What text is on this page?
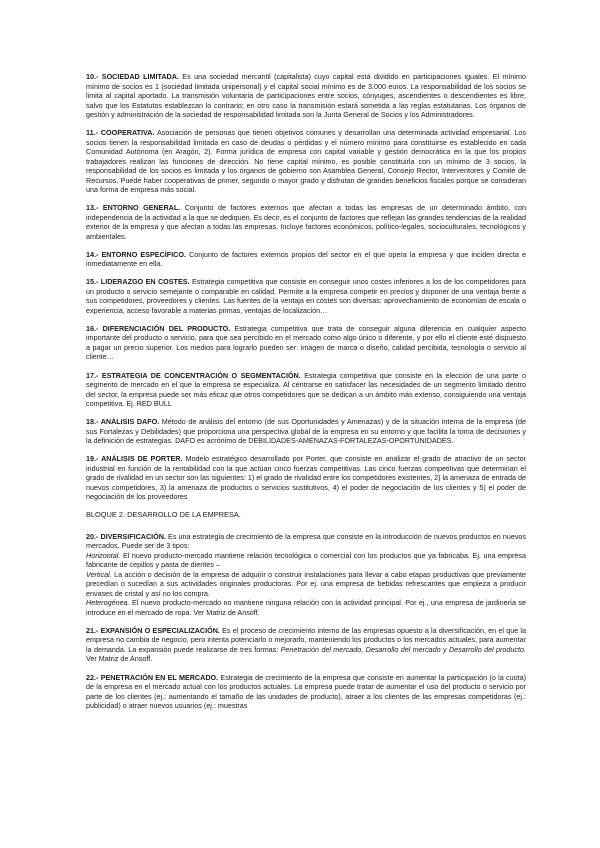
10.- SOCIEDAD LIMITADA. Es una sociedad mercantil (capitalista) cuyo capital está dividido en participaciones iguales. El mínimo mínimo de socios es 1 (sociedad limitada unipersonal) y el capital social mínimo es de 3.000 euros. La responsabilidad de los socios se limita al capital aportado. La transmisión voluntaria de participaciones entre socios, cónyuges, ascendientes o descendientes es libre, salvo que los Estatutos establezcan lo contrario; en otro caso la transmisión estará sometida a las reglas estatutarias. Los órganos de gestión y administración de la sociedad de responsabilidad limitada son la Junta General de Socios y los Administradores.

11.- COOPERATIVA. Asociación de personas que tienen objetivos comunes y desarrollan una determinada actividad empresarial. Los socios tienen la responsabilidad limitada en caso de deudas o pérdidas y el número mínimo para constituirse es establecido en cada Comunidad Autónoma (en Aragón, 2). Forma jurídica de empresa con capital variable y gestión democrática en la que los propios trabajadores realizan las funciones de dirección. No tiene capital mínimo, es posible constituirla con un mínimo de 3 socios, la responsabilidad de los socios es limitada y los órganos de gobierno son Asamblea General, Consejo Rector, Interventores y Comité de Recursos. Puede haber cooperativas de primer, segundo o mayor grado y disfrutan de grandes beneficios fiscales porque se consideran una forma de empresa más social.

13.- ENTORNO GENERAL. Conjunto de factores externos que afectan a todas las empresas de un determinado ámbito, con independencia de la actividad a la que se dediquen. Es decir, es el conjunto de factores que reflejan las grandes tendencias de la realidad exterior de la empresa y que afectan a todas las empresas. Incluye factores económicos, político-legales, socioculturales, tecnológicos y ambientales.

14.- ENTORNO ESPECÍFICO. Conjunto de factores externos propios del sector en el que opera la empresa y que inciden directa e inmediatamente en ella.

15.- LIDERAZGO EN COSTES. Estrategia competitiva que consiste en conseguir unos costes inferiores a los de los competidores para un producto o servicio semejante o comparable en calidad. Permite a la empresa competir en precios y disponer de una ventaja frente a sus competidores, proveedores y clientes. Las fuentes de la ventaja en costes son diversas: aprovechamiento de economías de escala o experiencia, acceso favorable a materias primas, ventajas de localización…

16.- DIFERENCIACIÓN DEL PRODUCTO. Estrategia competitiva que trata de conseguir alguna diferencia en cualquier aspecto importante del producto o servicio, para que sea percibido en el mercado como algo único o diferente, y por ello el cliente esté dispuesto a pagar un precio superior. Los medios para lograrlo pueden ser: imagen de marca o diseño, calidad percibida, tecnología o servicio al cliente…

17.- ESTRATEGIA DE CONCENTRACIÓN O SEGMENTACIÓN. Estrategia competitiva que consiste en la elección de una parte o segmento de mercado en el que la empresa se especializa. Al centrarse en satisfacer las necesidades de un segmento limitado dentro del sector, la empresa puede ser más eficaz que otros competidores que se dedican a un ámbito más extenso, consiguiendo una ventaja competitiva. Ej. RED BULL

18.- ANÁLISIS DAFO. Método de análisis del entorno (de sus Oportunidades y Amenazas) y de la situación interna de la empresa (de sus Fortalezas y Debilidades) que proporciona una perspectiva global de la empresa en su entorno y que facilita la toma de decisiones y la definición de estrategias. DAFO es acrónimo de DEBILIDADES-AMENAZAS-FORTALEZAS-OPORTUNIDADES.

19.- ANÁLISIS DE PORTER. Modelo estratégico desarrollado por Porter, que consiste en analizar el grado de atractivo de un sector industrial en función de la rentabilidad con la que actúan cinco fuerzas competitivas. Las cinco fuerzas competitivas que determinan el grado de rivalidad en un sector son las siguientes: 1) el grado de rivalidad entre los competidores existentes, 2) la amenaza de entrada de nuevos competidores, 3) la amenaza de productos o servicios sustitutivos, 4) el poder de negociación de los clientes y 5) el poder de negociación de los proveedores

BLOQUE 2. DESARROLLO DE LA EMPRESA.

20.- DIVERSIFICACIÓN. Es una estrategia de crecimiento de la empresa que consiste en la introducción de nuevos productos en nuevos mercados. Puede ser de 3 tipos:

Horizontal. El nuevo producto-mercado mantiene relación tecnológica o comercial con los productos que ya fabricaba. Ej. una empresa fabricante de cepillos y pasta de dientes –

Vertical. La acción o decisión de la empresa de adquirir o construir instalaciones para llevar a cabo etapas productivas que previamente precedían o sucedían a sus actividades originales productoras. Por ej. una empresa de bebidas refrescantes que empieza a producir envases de cristal y así no los compra.

Heterogénea. El nuevo producto-mercado no mantiene ninguna relación con la actividad principal. Por ej., una empresa de jardinería se introduce en el mercado de ropa. Ver Matriz de Ansoff.

21.- EXPANSIÓN O ESPECIALIZACIÓN. Es el proceso de crecimiento interno de las empresas opuesto a la diversificación, en el que la empresa no cambia de negocio, pero intenta potenciarlo o mejorarlo, manteniendo los productos o los mercados actuales, para aumentar la demanda. La expansión puede realizarse de tres formas: Penetración del mercado, Desarrollo del mercado y Desarrollo del producto. Ver Matriz de Ansoff.

22.- PENETRACIÓN EN EL MERCADO. Estrategia de crecimiento de la empresa que consiste en aumentar la participación (o la cuota) de la empresa en el mercado actual con los productos actuales. La empresa puede tratar de aumentar el uso del producto o servicio por parte de los clientes (ej.: aumentando el tamaño de las unidades de producto), atraer a los clientes de las empresas competidoras (ej.: publicidad) o atraer nuevos usuarios (ej.: muestras
